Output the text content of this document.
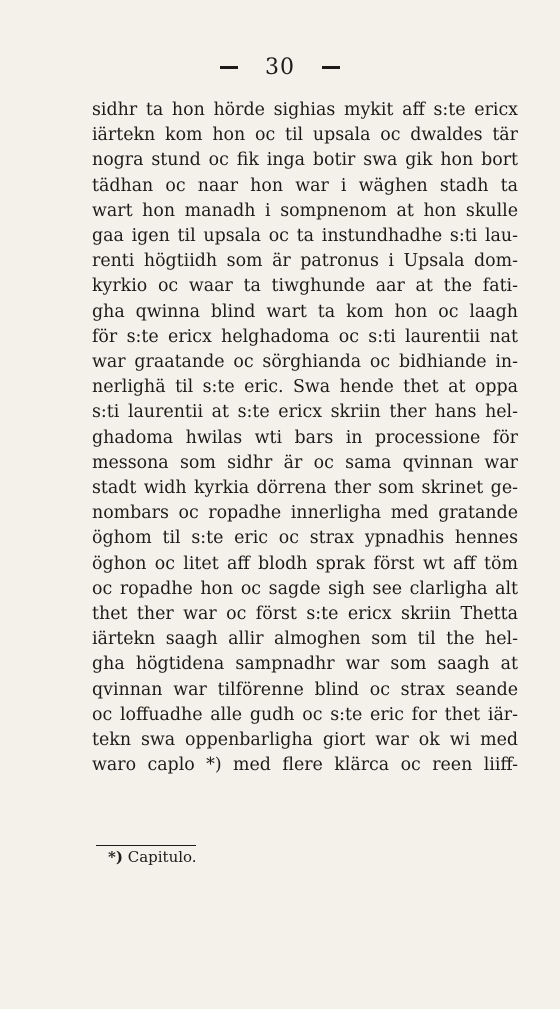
30
sidhr ta hon hörde sighias mykit aff s:te ericx
iärtekn kom hon oc til upsala oc dwaldes tär
nogra stund oc fik inga botir swa gik hon bort
tädhan oc naar hon war i wäghen stadh ta
wart hon manadh i sompnenom at hon skulle
gaa igen til upsala oc ta instundhadhe s:ti lau-
renti högtiidh som är patronus i Upsala dom-
kyrkio oc waar ta tiwghunde aar at the fati-
gha qwinna blind wart ta kom hon oc laagh
för s:te ericx helghadoma oc s:ti laurentii nat
war graatande oc sörghianda oc bidhiande in-
nerlighä til s:te eric. Swa hende thet at oppa
s:ti laurentii at s:te ericx skriin ther hans hel-
ghadoma hwilas wti bars in processione för
messona som sidhr är oc sama qvinnan war
stadt widh kyrkia dörrena ther som skrinet ge-
nombars oc ropadhe innerligha med gratande
öghom til s:te eric oc strax ypnadhis hennes
öghon oc litet aff blodh sprak först wt aff töm
oc ropadhe hon oc sagde sigh see clarligha alt
thet ther war oc först s:te ericx skriin Thetta
iärtekn saagh allir almoghen som til the hel-
gha högtidena sampnadhr war som saagh at
qvinnan war tilförenne blind oc strax seande
oc loffuadhe alle gudh oc s:te eric for thet iär-
tekn swa oppenbarligha giort war ok wi med
waro caplo *) med flere klärca oc reen liiff-
*) Capitulo.
